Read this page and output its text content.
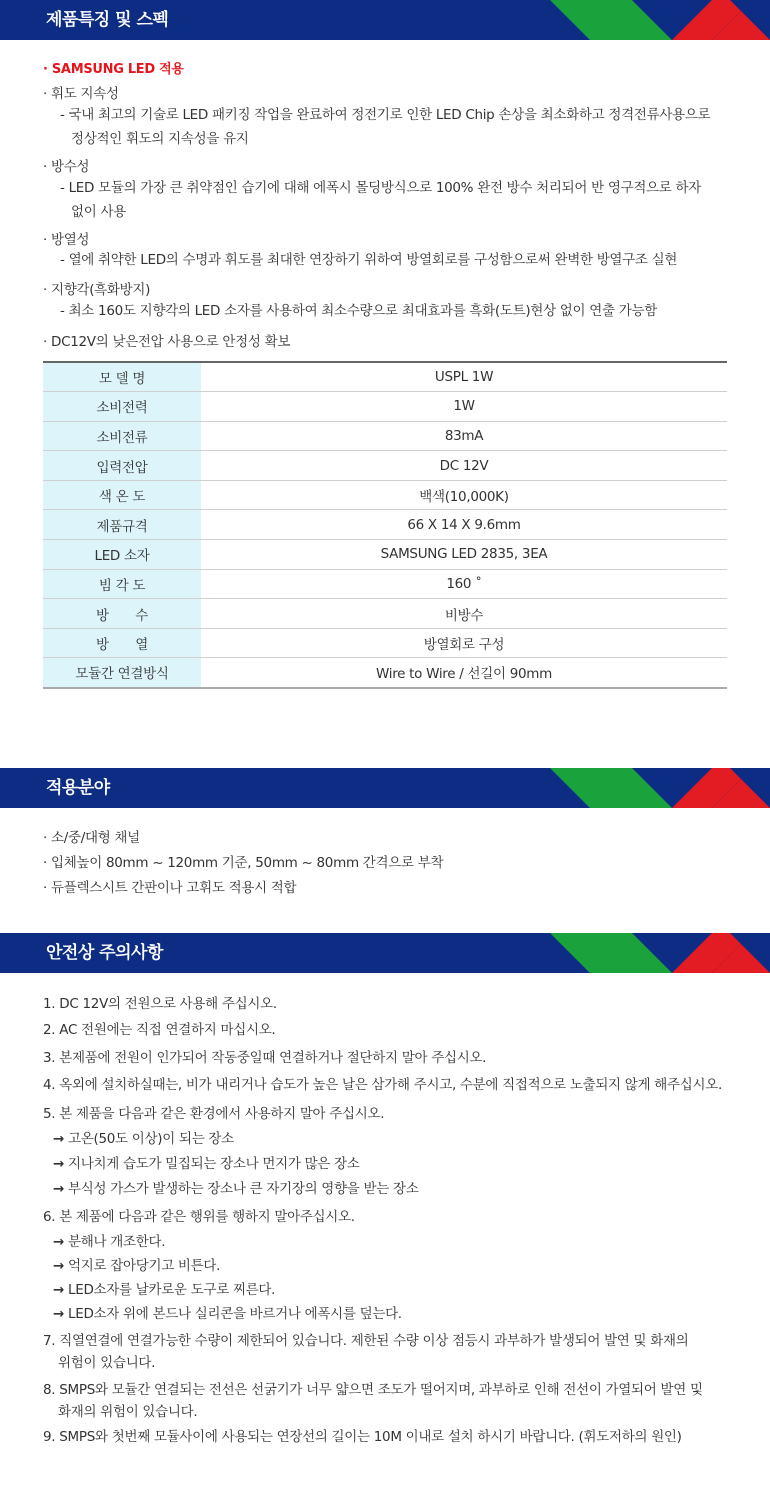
제품특징 및 스펙
· SAMSUNG LED 적용
· 휘도 지속성
- 국내 최고의 기술로 LED 패키징 작업을 완료하여 정전기로 인한 LED Chip 손상을 최소화하고 정격전류사용으로
정상적인 휘도의 지속성을 유지
· 방수성
- LED 모듈의 가장 큰 취약점인 습기에 대해 에폭시 몰딩방식으로 100% 완전 방수 처리되어 반 영구적으로 하자
없이 사용
· 방열성
- 열에 취약한 LED의 수명과 휘도를 최대한 연장하기 위하여 방열회로를 구성함으로써 완벽한 방열구조 실현
· 지향각(흑화방지)
- 최소 160도 지향각의 LED 소자를 사용하여 최소수량으로 최대효과를 흑화(도트)현상 없이 연출 가능함
· DC12V의 낮은전압 사용으로 안정성 확보
모 델 명	USPL 1W
소비전력	1W
소비전류	83mA
입력전압	DC 12V
색 온 도	백색(10,000K)
제품규격	66 X 14 X 9.6mm
LED 소자	SAMSUNG LED 2835, 3EA
빔 각 도	160 ˚
방　　수	비방수
방　　열	방열회로 구성
모듈간 연결방식	Wire to Wire / 선길이 90mm
적용분야
· 소/중/대형 채널
· 입체높이 80mm ~ 120mm 기준, 50mm ~ 80mm 간격으로 부착
· 듀플렉스시트 간판이나 고휘도 적용시 적합
안전상 주의사항
1. DC 12V의 전원으로 사용해 주십시오.
2. AC 전원에는 직접 연결하지 마십시오.
3. 본제품에 전원이 인가되어 작동중일때 연결하거나 절단하지 말아 주십시오.
4. 옥외에 설치하실때는, 비가 내리거나 습도가 높은 날은 삼가해 주시고, 수분에 직접적으로 노출되지 않게 해주십시오.
5. 본 제품을 다음과 같은 환경에서 사용하지 말아 주십시오.
→ 고온(50도 이상)이 되는 장소
→ 지나치게 습도가 밀집되는 장소나 먼지가 많은 장소
→ 부식성 가스가 발생하는 장소나 큰 자기장의 영향을 받는 장소
6. 본 제품에 다음과 같은 행위를 행하지 말아주십시오.
→ 분해나 개조한다.
→ 억지로 잡아당기고 비튼다.
→ LED소자를 날카로운 도구로 찌른다.
→ LED소자 위에 본드나 실리콘을 바르거나 에폭시를 덮는다.
7. 직열연결에 연결가능한 수량이 제한되어 있습니다. 제한된 수량 이상 점등시 과부하가 발생되어 발연 및 화재의
위험이 있습니다.
8. SMPS와 모듈간 연결되는 전선은 선굵기가 너무 얇으면 조도가 떨어지며, 과부하로 인해 전선이 가열되어 발연 및
화재의 위험이 있습니다.
9. SMPS와 첫번째 모듈사이에 사용되는 연장선의 길이는 10M 이내로 설치 하시기 바랍니다. (휘도저하의 원인)
